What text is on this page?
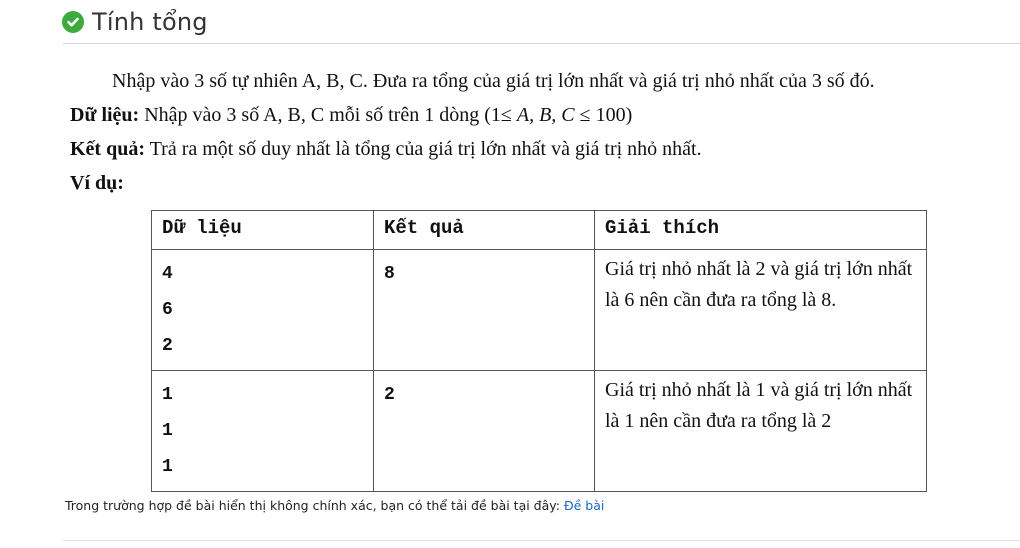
Tính tổng

Nhập vào 3 số tự nhiên A, B, C. Đưa ra tổng của giá trị lớn nhất và giá trị nhỏ nhất của 3 số đó.

Dữ liệu: Nhập vào 3 số A, B, C mỗi số trên 1 dòng (1≤ A, B, C ≤ 100)

Kết quả: Trả ra một số duy nhất là tổng của giá trị lớn nhất và giá trị nhỏ nhất.

Ví dụ:

Dữ liệu	Kết quả	Giải thích

4
6
2	8	Giá trị nhỏ nhất là 2 và giá trị lớn nhất là 6 nên cần đưa ra tổng là 8.

1
1
1	2	Giá trị nhỏ nhất là 1 và giá trị lớn nhất là 1 nên cần đưa ra tổng là 2
Trong trường hợp đề bài hiển thị không chính xác, bạn có thể tải đề bài tại đây: Đề bài
